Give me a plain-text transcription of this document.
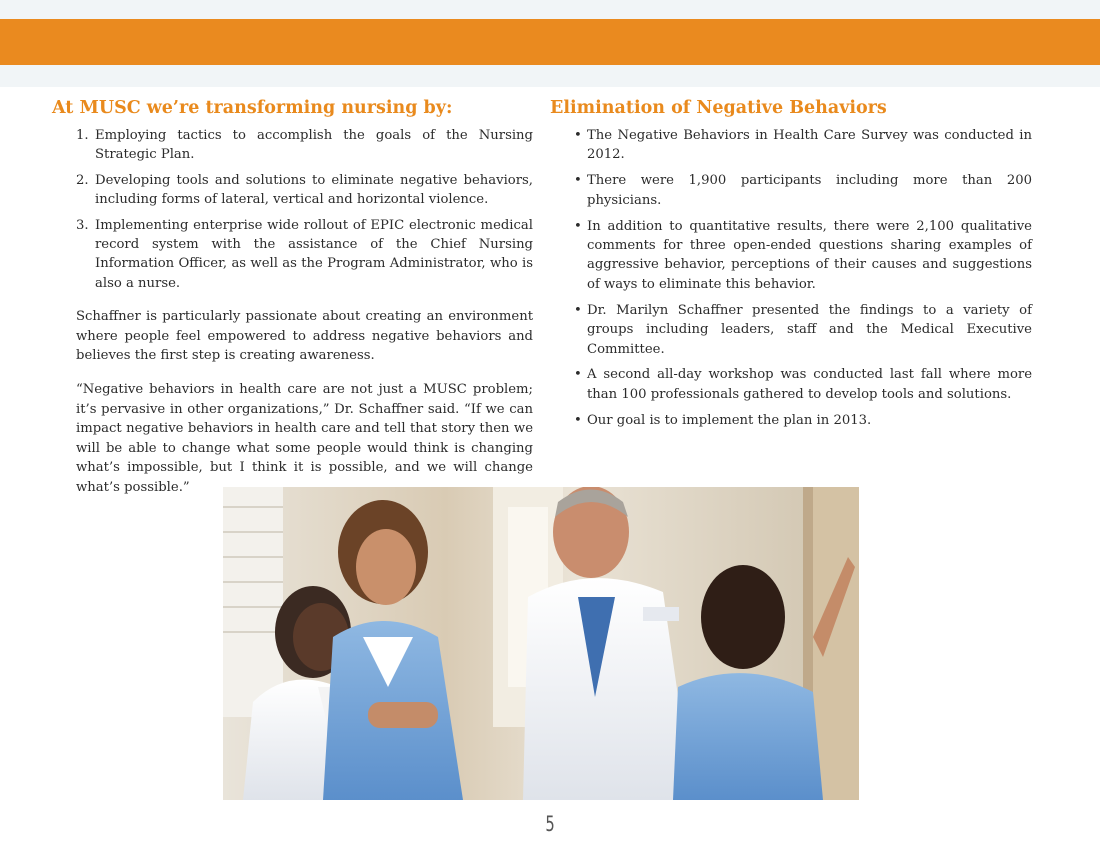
At MUSC we’re transforming nursing by:
1. Employing tactics to accomplish the goals of the Nursing Strategic Plan.
2. Developing tools and solutions to eliminate negative behaviors, including forms of lateral, vertical and horizontal violence.
3. Implementing enterprise wide rollout of EPIC electronic medical record system with the assistance of the Chief Nursing Information Officer, as well as the Program Administrator, who is also a nurse.

Schaffner is particularly passionate about creating an environment where people feel empowered to address negative behaviors and believes the first step is creating awareness.

“Negative behaviors in health care are not just a MUSC problem; it’s pervasive in other organizations,” Dr. Schaffner said. “If we can impact negative behaviors in health care and tell that story then we will be able to change what some people would think is changing what’s impossible, but I think it is possible, and we will change what’s possible.”

Elimination of Negative Behaviors
• The Negative Behaviors in Health Care Survey was conducted in 2012.
• There were 1,900 participants including more than 200 physicians.
• In addition to quantitative results, there were 2,100 qualitative comments for three open-ended questions sharing examples of aggressive behavior, perceptions of their causes and suggestions of ways to eliminate this behavior.
• Dr. Marilyn Schaffner presented the findings to a variety of groups including leaders, staff and the Medical Executive Committee.
• A second all-day workshop was conducted last fall where more than 100 professionals gathered to develop tools and solutions.
• Our goal is to implement the plan in 2013.
5
